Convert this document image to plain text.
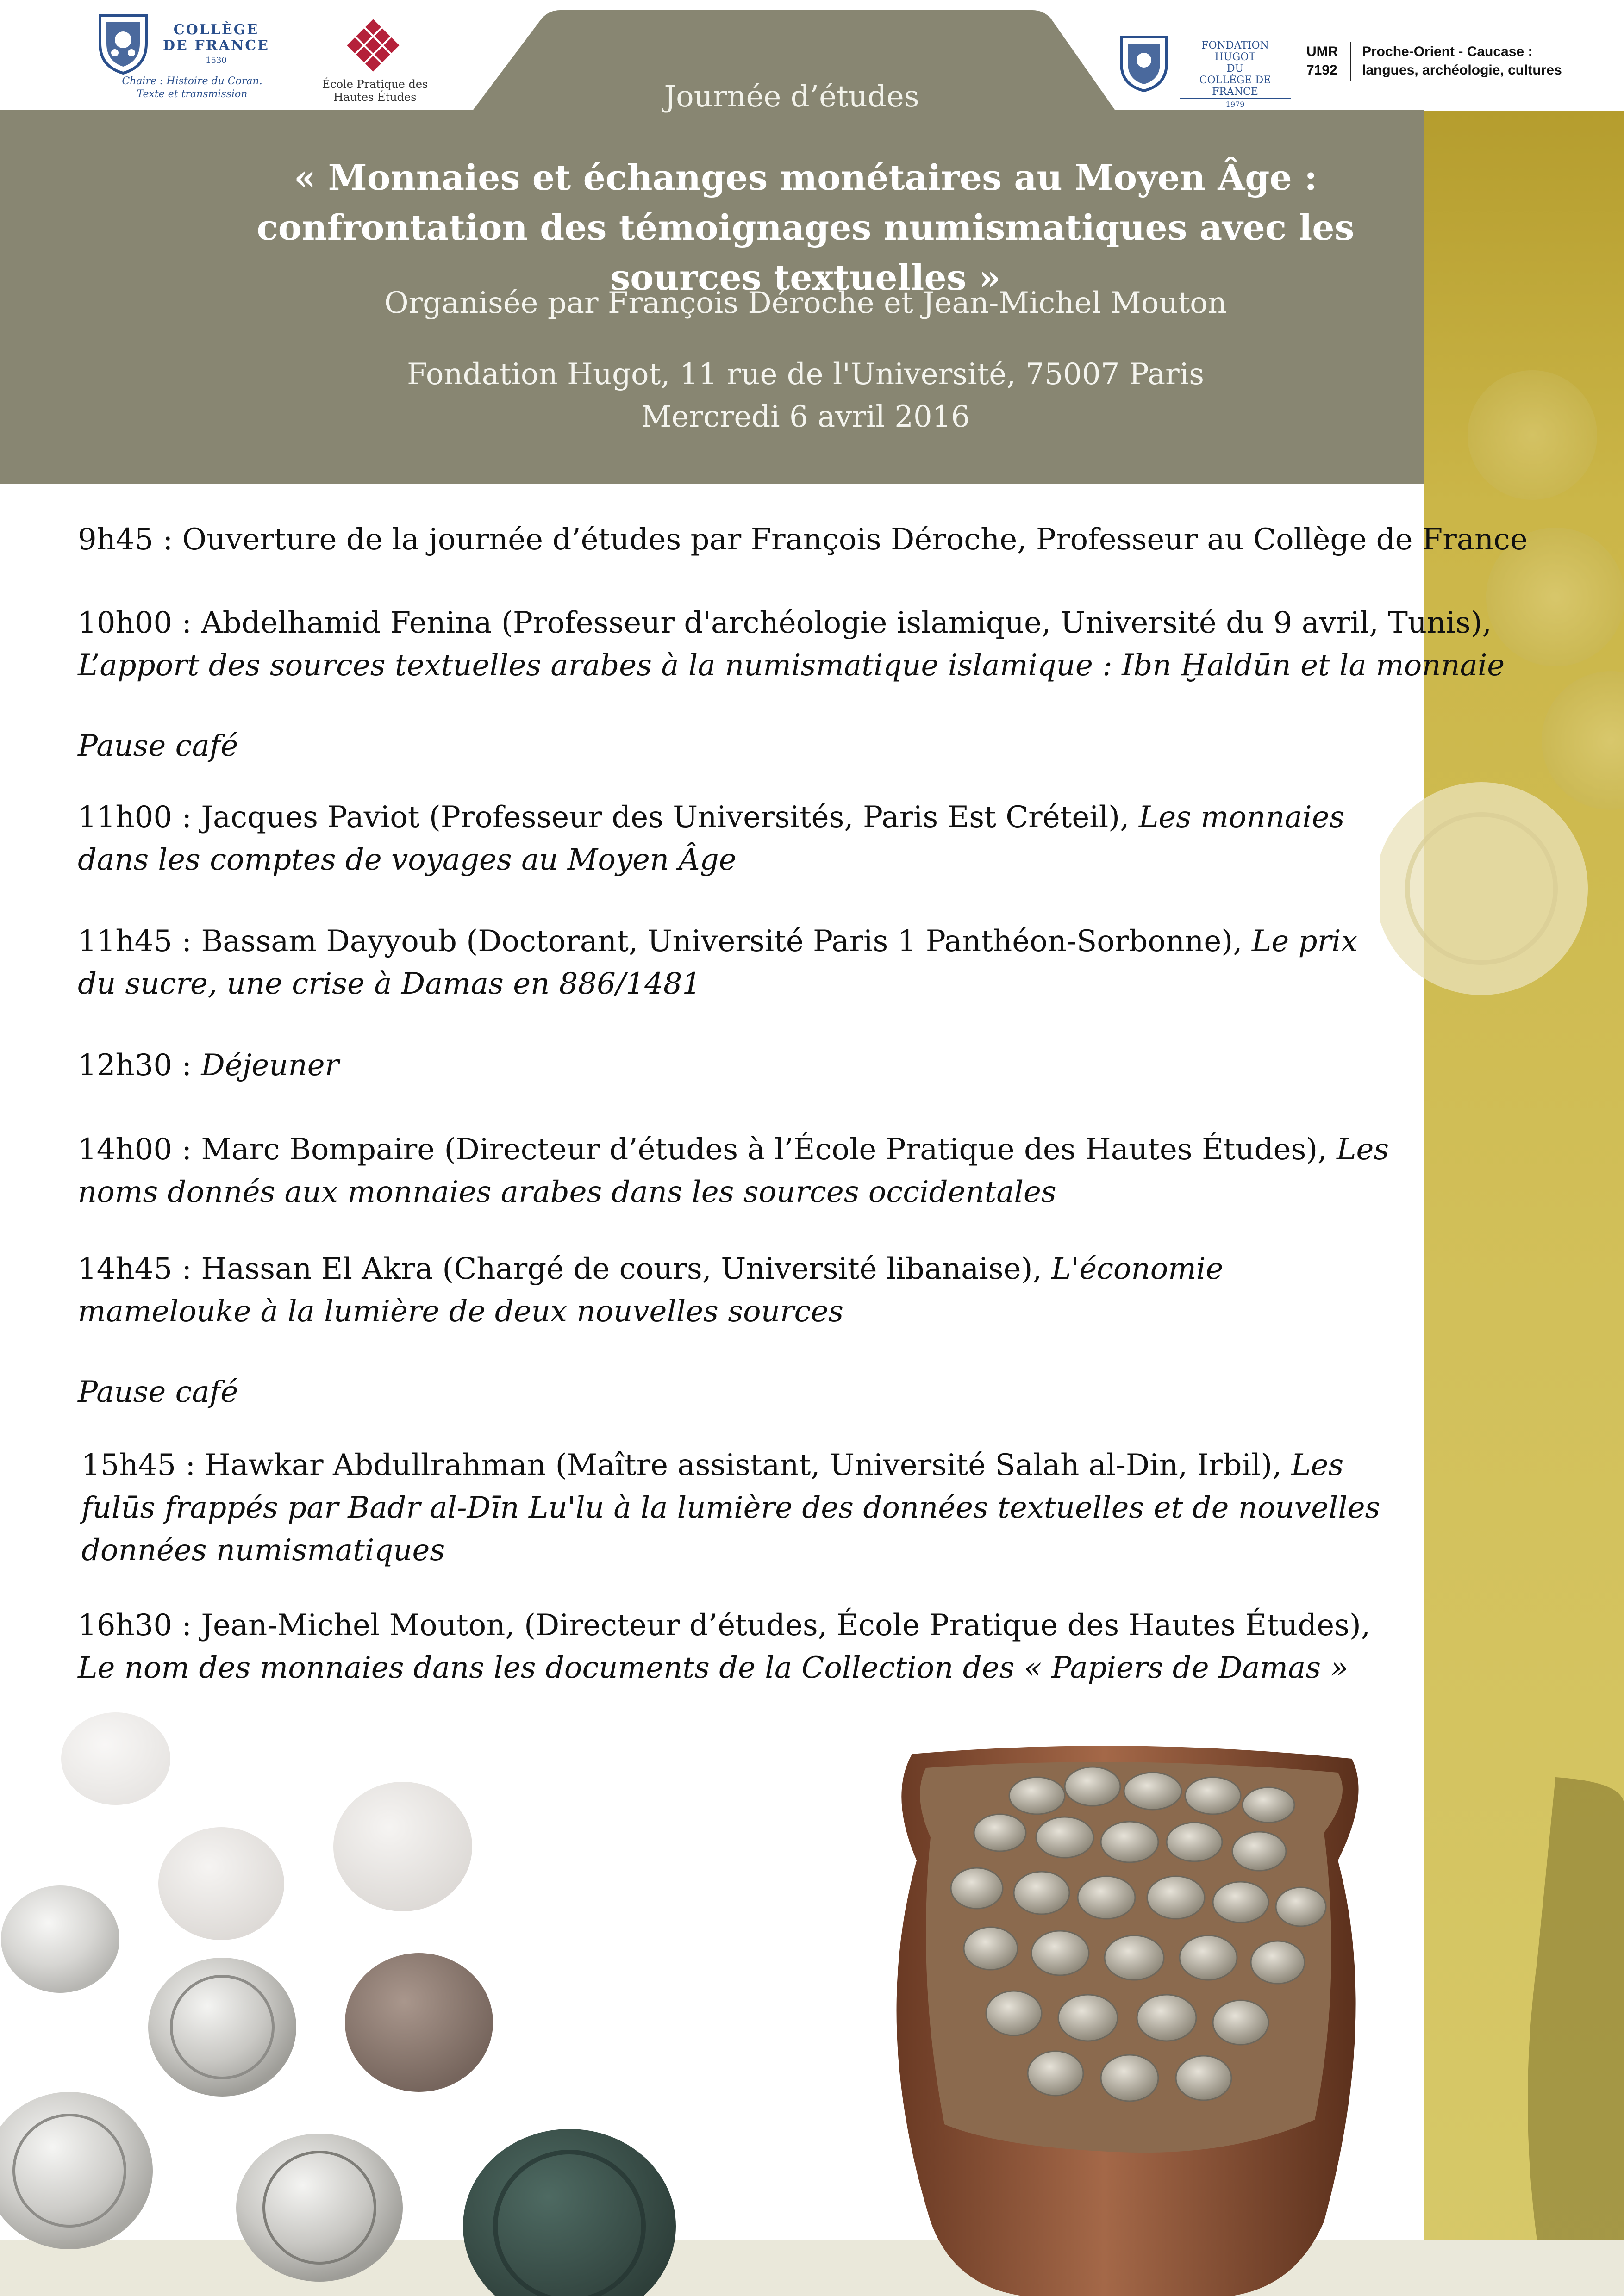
COLLÈGE
DE FRANCE
1530
Chaire : Histoire du Coran. Texte et transmission
École Pratique des Hautes Études
FONDATION HUGOT
DU
COLLÈGE DE FRANCE
1979
UMR
7192
Proche-Orient - Caucase :
langues, archéologie, cultures
Journée d’études
« Monnaies et échanges monétaires au Moyen Âge : confrontation des témoignages numismatiques avec les sources textuelles »
Organisée par François Déroche et Jean-Michel Mouton
Fondation Hugot, 11 rue de l'Université, 75007 Paris
Mercredi 6 avril 2016

9h45 : Ouverture de la journée d’études par François Déroche, Professeur au Collège de France

10h00 : Abdelhamid Fenina (Professeur d'archéologie islamique, Université du 9 avril, Tunis), L’apport des sources textuelles arabes à la numismatique islamique : Ibn Ḫaldūn et la monnaie

Pause café

11h00 : Jacques Paviot (Professeur des Universités, Paris Est Créteil), Les monnaies dans les comptes de voyages au Moyen Âge

11h45 : Bassam Dayyoub (Doctorant, Université Paris 1 Panthéon-Sorbonne), Le prix du sucre, une crise à Damas en 886/1481

12h30 : Déjeuner

14h00 : Marc Bompaire (Directeur d’études à l’École Pratique des Hautes Études), Les noms donnés aux monnaies arabes dans les sources occidentales

14h45 : Hassan El Akra (Chargé de cours, Université libanaise), L'économie mamelouke à la lumière de deux nouvelles sources

Pause café

15h45 : Hawkar Abdullrahman (Maître assistant, Université Salah al-Din, Irbil), Les fulūs frappés par Badr al-Dīn Lu'lu à la lumière des données textuelles et de nouvelles données numismatiques

16h30 : Jean-Michel Mouton, (Directeur d’études, École Pratique des Hautes Études), Le nom des monnaies dans les documents de la Collection des « Papiers de Damas »
